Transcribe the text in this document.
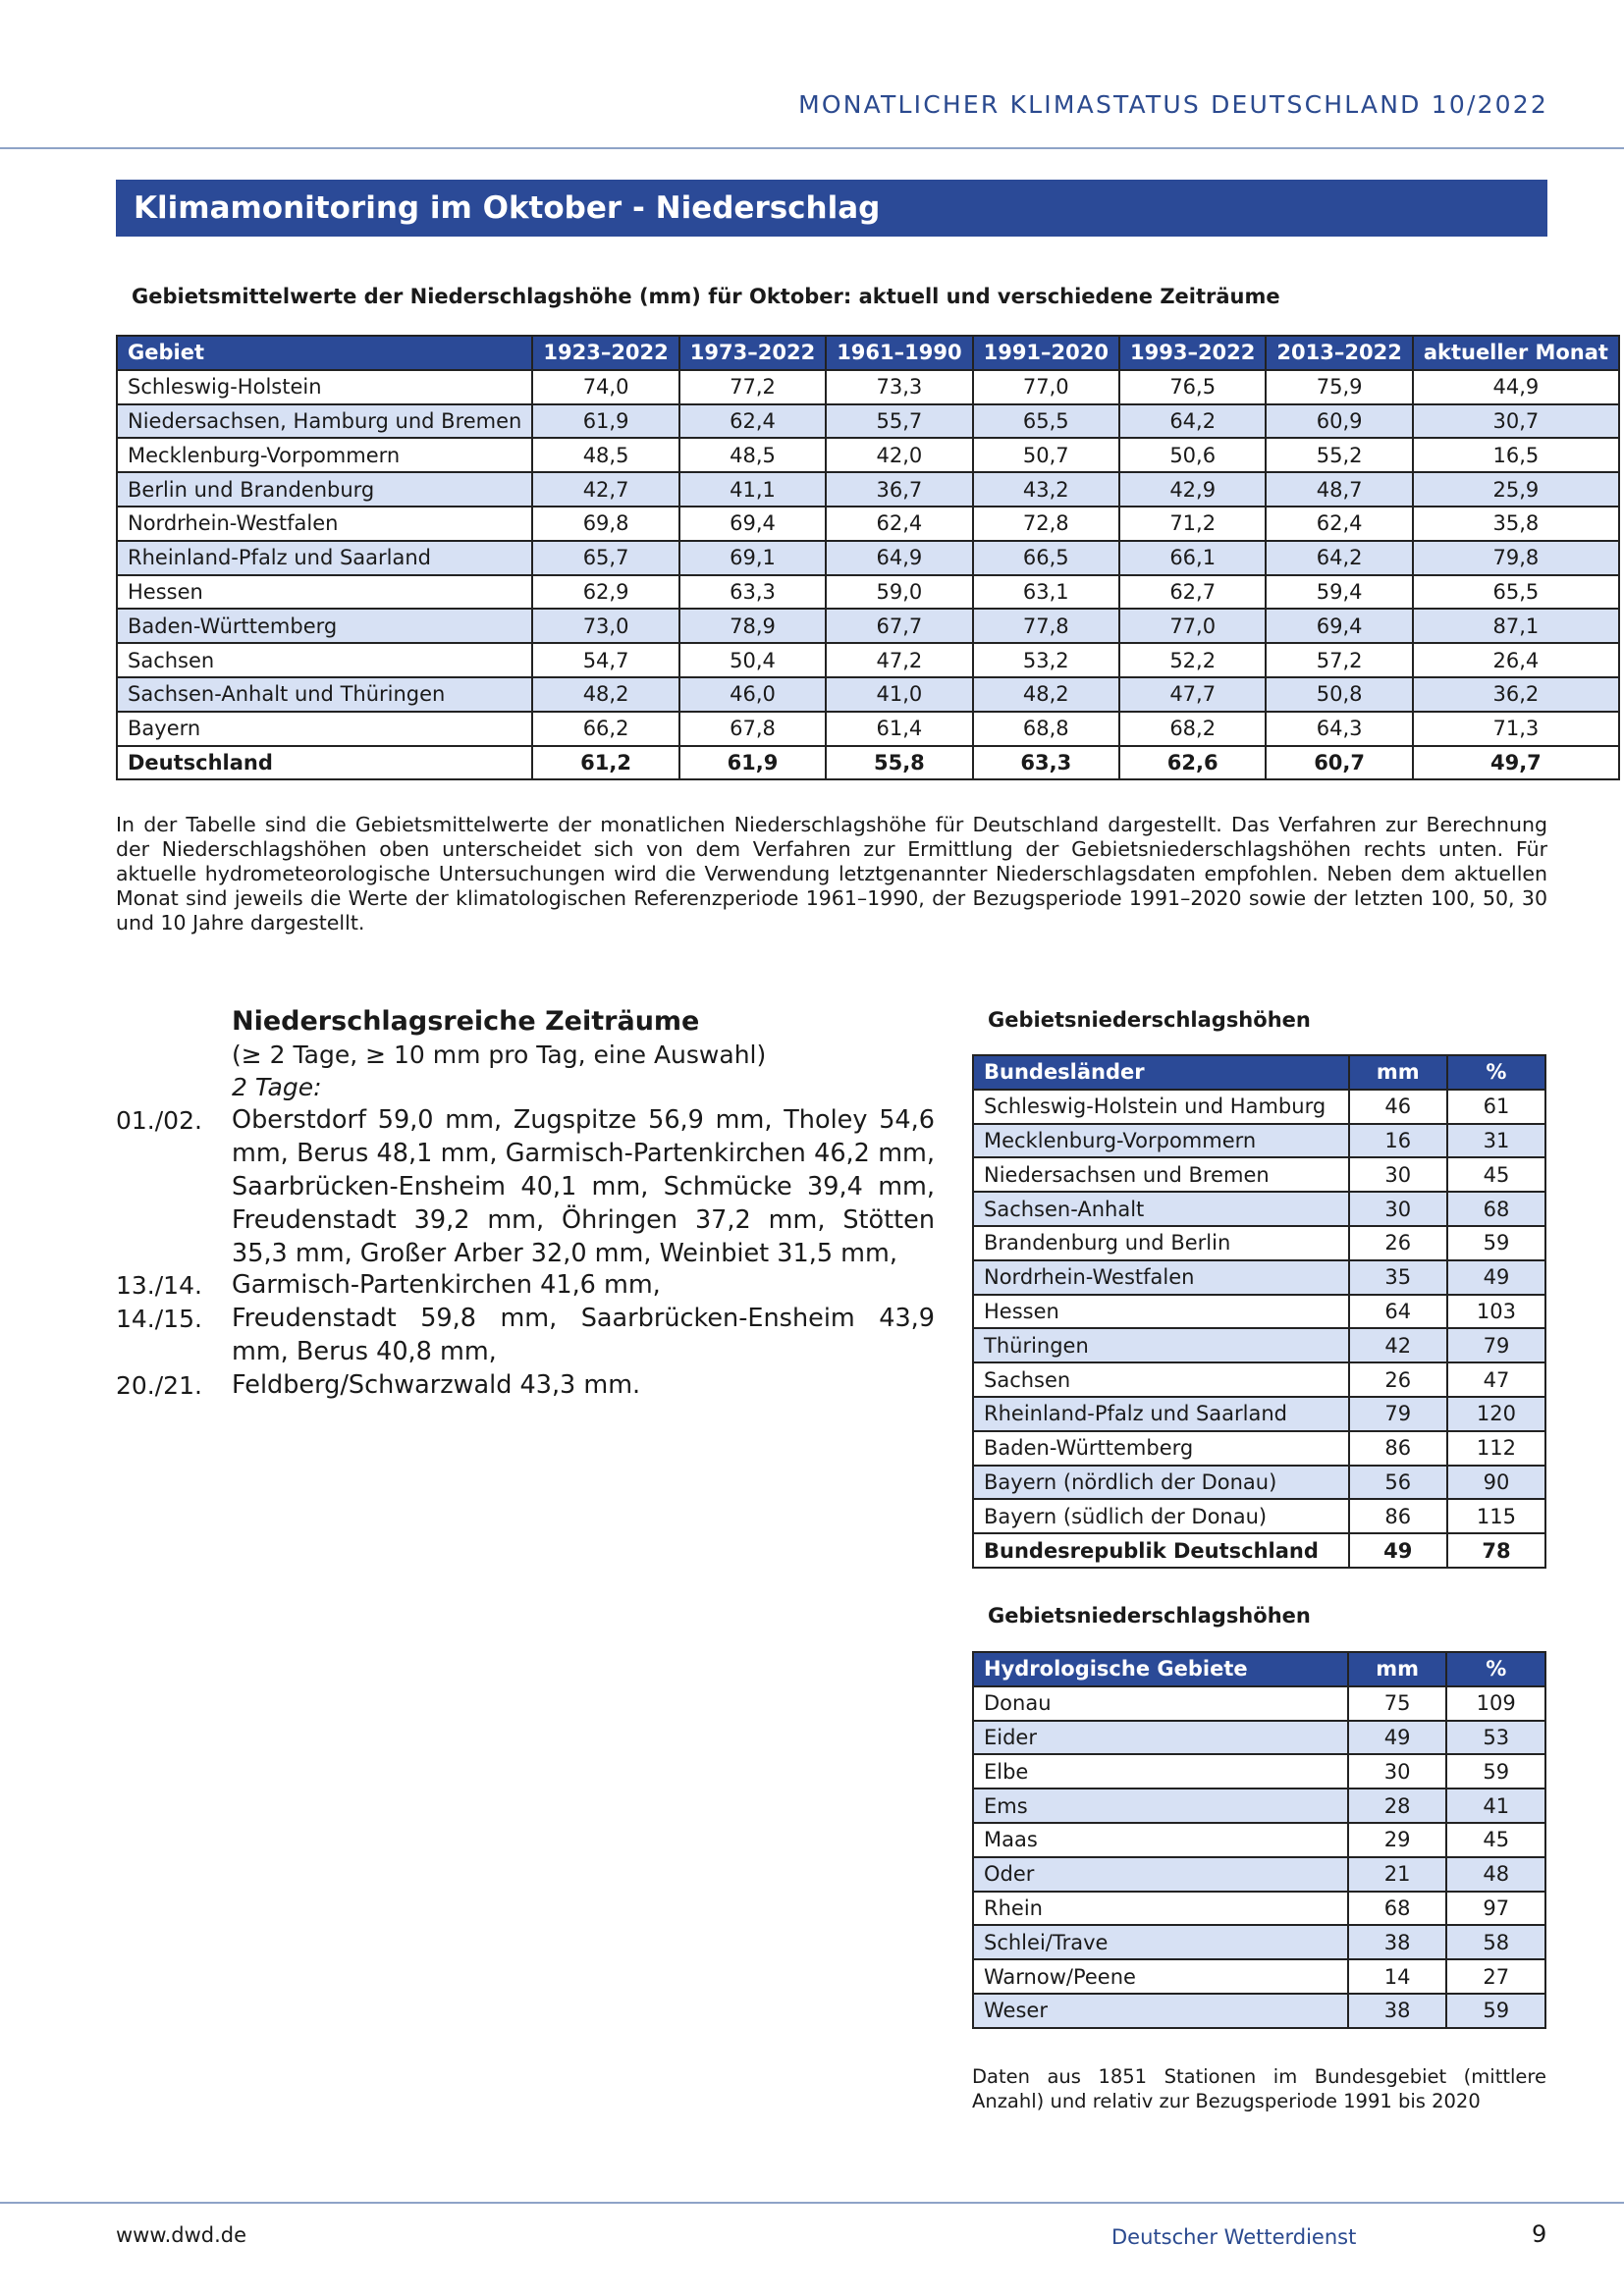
MONATLICHER KLIMASTATUS DEUTSCHLAND 10/2022
Klimamonitoring im Oktober - Niederschlag
Gebietsmittelwerte der Niederschlagshöhe (mm) für Oktober: aktuell und verschiedene Zeiträume
Gebiet	1923–2022	1973–2022	1961–1990	1991–2020	1993–2022	2013–2022	aktueller Monat
Schleswig-Holstein	74,0	77,2	73,3	77,0	76,5	75,9	44,9
Niedersachsen, Hamburg und Bremen	61,9	62,4	55,7	65,5	64,2	60,9	30,7
Mecklenburg-Vorpommern	48,5	48,5	42,0	50,7	50,6	55,2	16,5
Berlin und Brandenburg	42,7	41,1	36,7	43,2	42,9	48,7	25,9
Nordrhein-Westfalen	69,8	69,4	62,4	72,8	71,2	62,4	35,8
Rheinland-Pfalz und Saarland	65,7	69,1	64,9	66,5	66,1	64,2	79,8
Hessen	62,9	63,3	59,0	63,1	62,7	59,4	65,5
Baden-Württemberg	73,0	78,9	67,7	77,8	77,0	69,4	87,1
Sachsen	54,7	50,4	47,2	53,2	52,2	57,2	26,4
Sachsen-Anhalt und Thüringen	48,2	46,0	41,0	48,2	47,7	50,8	36,2
Bayern	66,2	67,8	61,4	68,8	68,2	64,3	71,3
Deutschland	61,2	61,9	55,8	63,3	62,6	60,7	49,7
In der Tabelle sind die Gebietsmittelwerte der monatlichen Niederschlagshöhe für Deutschland dargestellt. Das Verfahren zur Berechnung der Niederschlagshöhen oben unterscheidet sich von dem Verfahren zur Ermittlung der Gebietsniederschlagshöhen rechts unten. Für aktuelle hydrometeorologische Untersuchungen wird die Verwendung letztgenannter Niederschlagsdaten empfohlen. Neben dem aktuellen Monat sind jeweils die Werte der klimatologischen Referenzperiode 1961–1990, der Bezugsperiode 1991–2020 sowie der letzten 100, 50, 30 und 10 Jahre dargestellt.
Niederschlagsreiche Zeiträume
(≥ 2 Tage, ≥ 10 mm pro Tag, eine Auswahl)
2 Tage:
01./02. Oberstdorf 59,0 mm, Zugspitze 56,9 mm, Tholey 54,6 mm, Berus 48,1 mm, Garmisch-Partenkirchen 46,2 mm, Saarbrücken-Ensheim 40,1 mm, Schmücke 39,4 mm, Freudenstadt 39,2 mm, Öhringen 37,2 mm, Stötten 35,3 mm, Großer Arber 32,0 mm, Weinbiet 31,5 mm,
13./14. Garmisch-Partenkirchen 41,6 mm,
14./15. Freudenstadt 59,8 mm, Saarbrücken-Ensheim 43,9 mm, Berus 40,8 mm,
20./21. Feldberg/Schwarzwald 43,3 mm.
Gebietsniederschlagshöhen
Bundesländer	mm	%
Schleswig-Holstein und Hamburg	46	61
Mecklenburg-Vorpommern	16	31
Niedersachsen und Bremen	30	45
Sachsen-Anhalt	30	68
Brandenburg und Berlin	26	59
Nordrhein-Westfalen	35	49
Hessen	64	103
Thüringen	42	79
Sachsen	26	47
Rheinland-Pfalz und Saarland	79	120
Baden-Württemberg	86	112
Bayern (nördlich der Donau)	56	90
Bayern (südlich der Donau)	86	115
Bundesrepublik Deutschland	49	78
Gebietsniederschlagshöhen
Hydrologische Gebiete	mm	%
Donau	75	109
Eider	49	53
Elbe	30	59
Ems	28	41
Maas	29	45
Oder	21	48
Rhein	68	97
Schlei/Trave	38	58
Warnow/Peene	14	27
Weser	38	59
Daten aus 1851 Stationen im Bundesgebiet (mittlere Anzahl) und relativ zur Bezugsperiode 1991 bis 2020
www.dwd.de	Deutscher Wetterdienst	9
